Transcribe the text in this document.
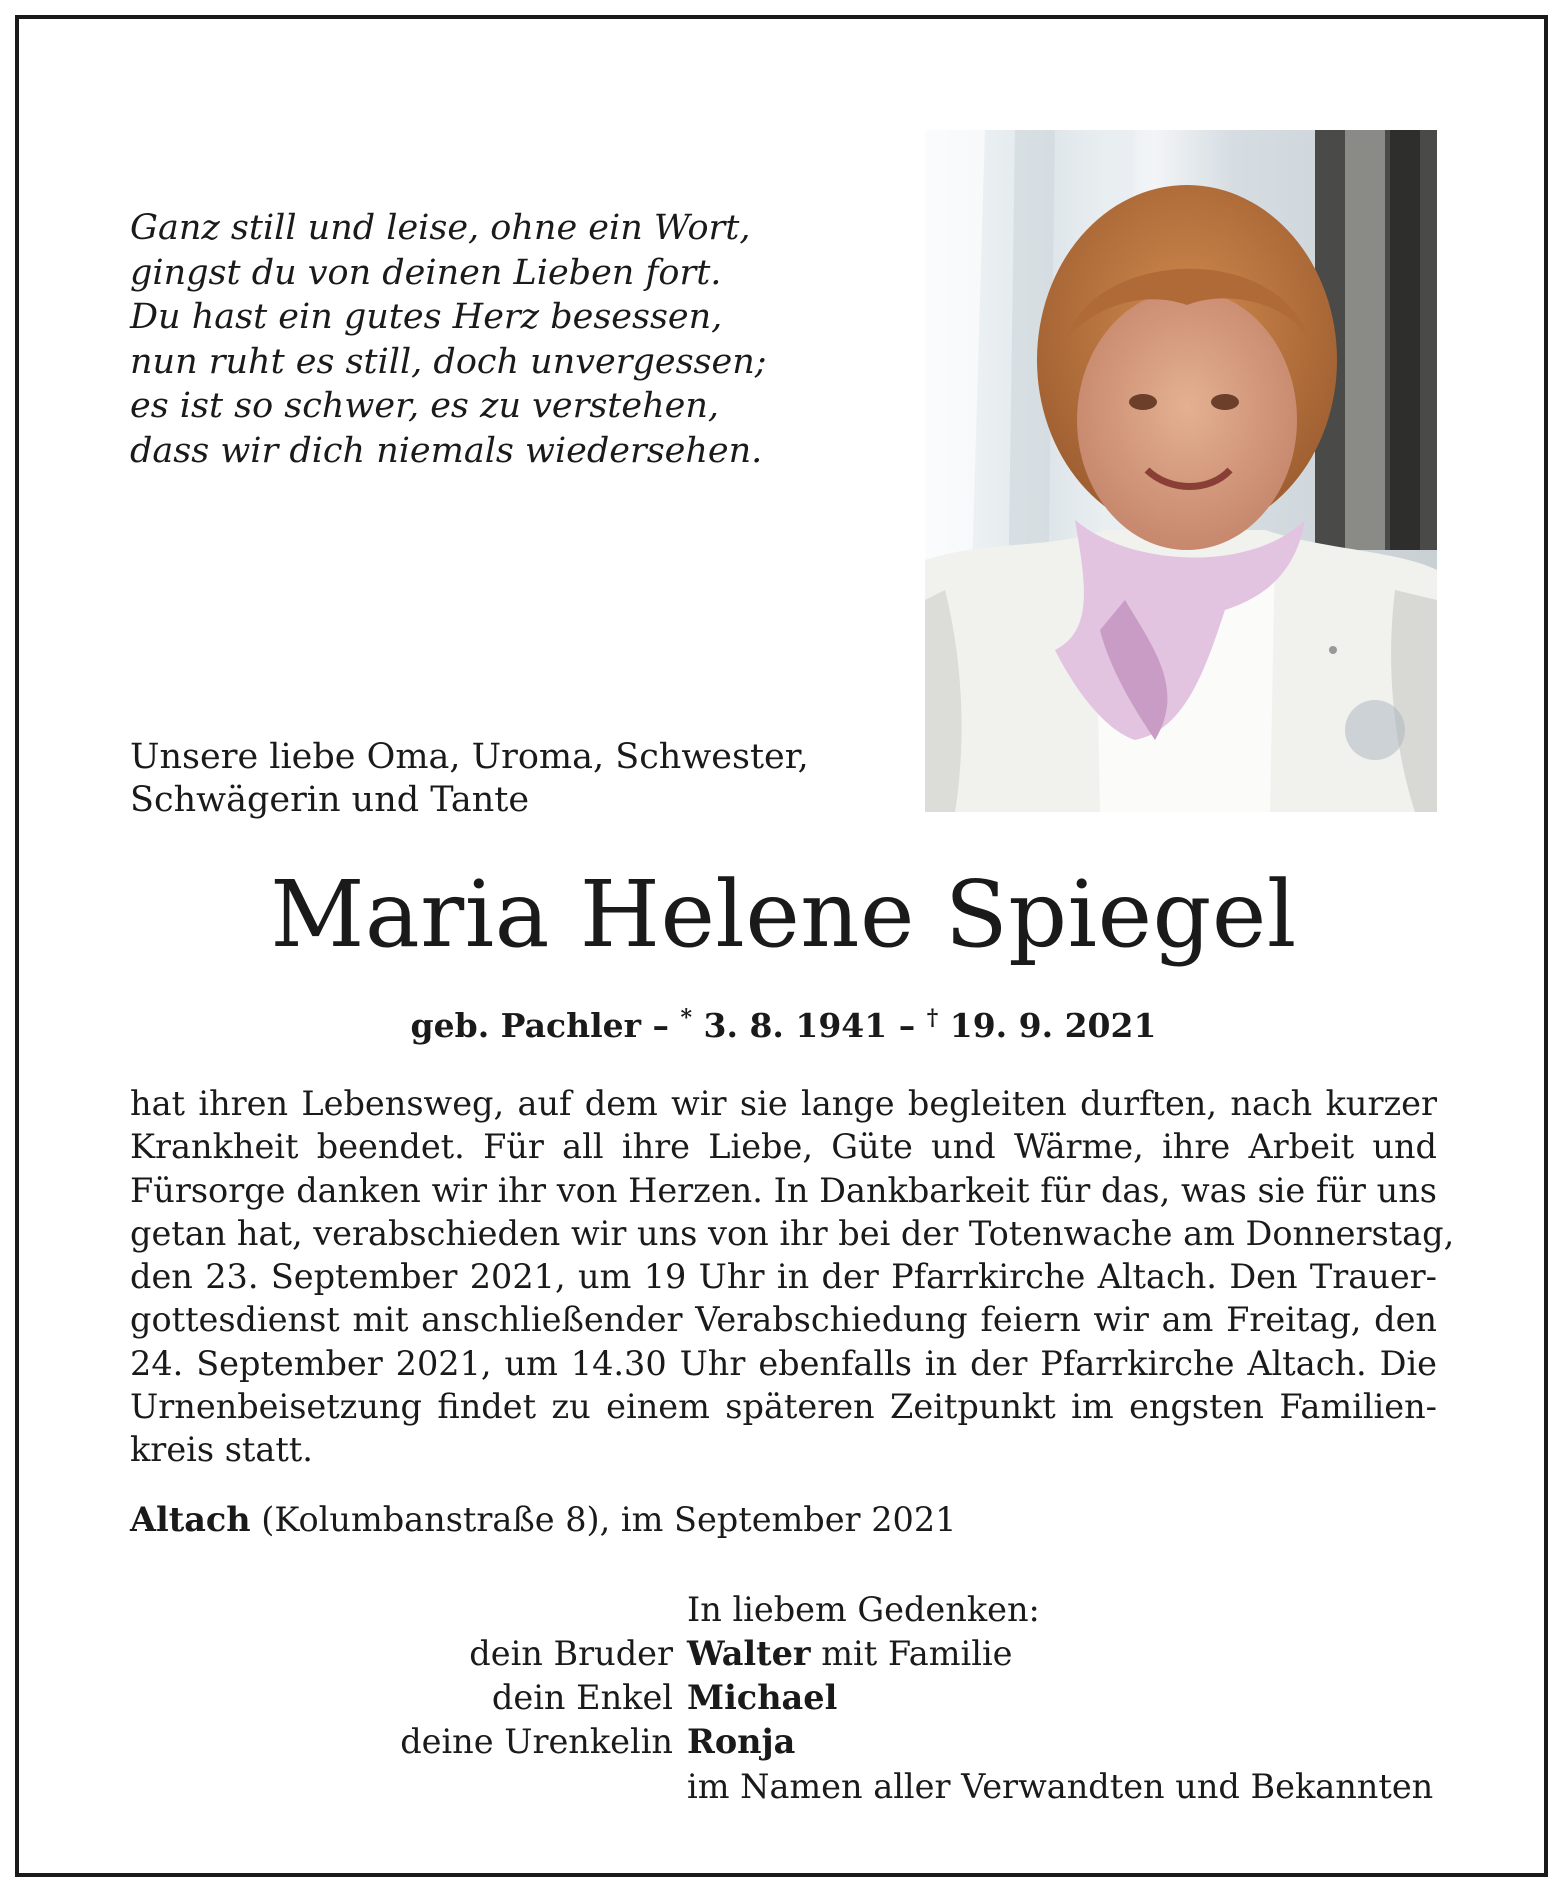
Ganz still und leise, ohne ein Wort,
gingst du von deinen Lieben fort.
Du hast ein gutes Herz besessen,
nun ruht es still, doch unvergessen;
es ist so schwer, es zu verstehen,
dass wir dich niemals wiedersehen.
Unsere liebe Oma, Uroma, Schwester,
Schwägerin und Tante
Maria Helene Spiegel
geb. Pachler – * 3. 8. 1941 – † 19. 9. 2021
hat ihren Lebensweg, auf dem wir sie lange begleiten durften, nach kurzer
Krankheit beendet. Für all ihre Liebe, Güte und Wärme, ihre Arbeit und
Fürsorge danken wir ihr von Herzen. In Dankbarkeit für das, was sie für uns
getan hat, verabschieden wir uns von ihr bei der Totenwache am Donnerstag,
den 23. September 2021, um 19 Uhr in der Pfarrkirche Altach. Den Trauer-
gottesdienst mit anschließender Verabschiedung feiern wir am Freitag, den
24. September 2021, um 14.30 Uhr ebenfalls in der Pfarrkirche Altach. Die
Urnenbeisetzung findet zu einem späteren Zeitpunkt im engsten Familien-
kreis statt.
Altach (Kolumbanstraße 8), im September 2021
In liebem Gedenken:
dein Bruder Walter mit Familie
dein Enkel Michael
deine Urenkelin Ronja
im Namen aller Verwandten und Bekannten
